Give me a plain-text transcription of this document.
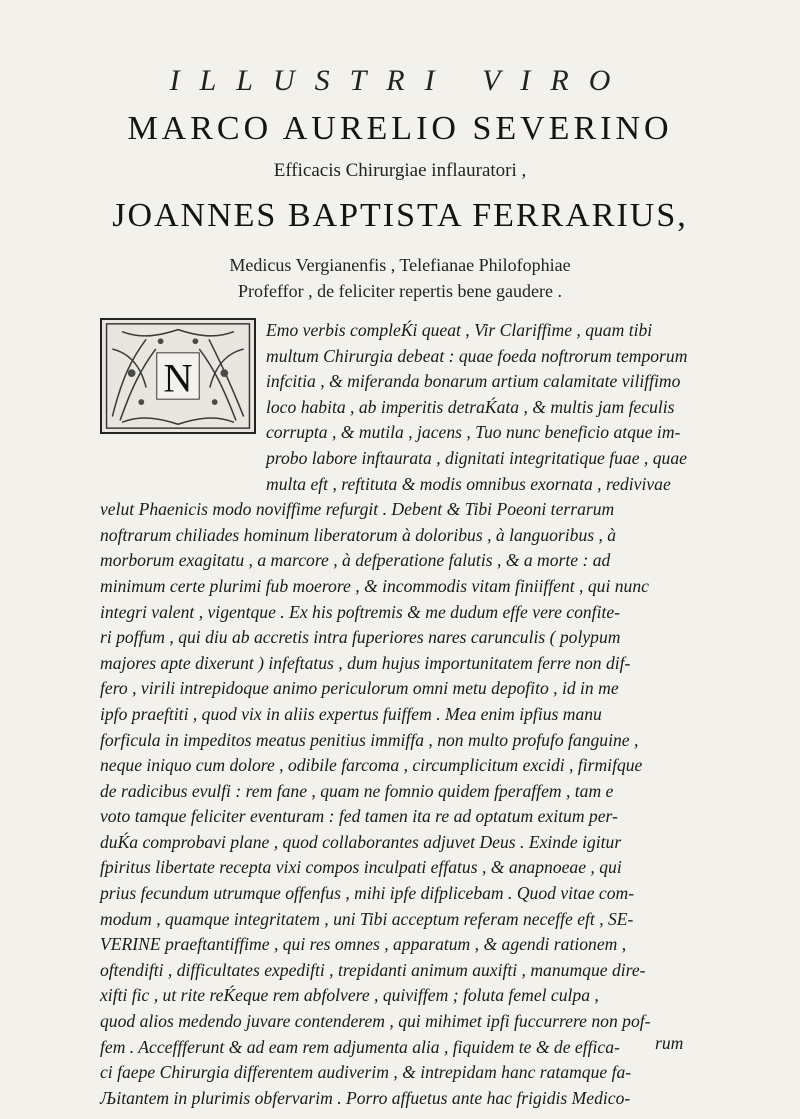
ILLUSTRI VIRO
MARCO AURELIO SEVERINO
Efficacis Chirurgiae inflauratori ,
JOANNES BAPTISTA FERRARIUS,
Medicus Vergianenfis , Telefianae Philofophiae
Profeffor , de feliciter repertis bene gaudere .
N
Emo verbis compleЌi queat , Vir Clariffime , quam tibi
multum Chirurgia debeat : quae foeda noftrorum temporum
infcitia , & miferanda bonarum artium calamitate viliffimo
loco habita , ab imperitis detraЌata , & multis jam feculis
corrupta , & mutila , jacens , Tuo nunc beneficio atque im-
probo labore inftaurata , dignitati integritatique fuae , quae
multa eft , reftituta & modis omnibus exornata , redivivae
velut Phaenicis modo noviffime refurgit . Debent & Tibi Poeoni terrarum
noftrarum chiliades hominum liberatorum à doloribus , à languoribus , à
morborum exagitatu , a marcore , à defperatione falutis , & a morte : ad
minimum certe plurimi fub moerore , & incommodis vitam finiiffent , qui nunc
integri valent , vigentque . Ex his poftremis & me dudum effe vere confite-
ri poffum , qui diu ab accretis intra fuperiores nares carunculis ( polypum
majores apte dixerunt ) infeftatus , dum hujus importunitatem ferre non dif-
fero , virili intrepidoque animo periculorum omni metu depofito , id in me
ipfo praeftiti , quod vix in aliis expertus fuiffem . Mea enim ipfius manu
forficula in impeditos meatus penitius immiffa , non multo profufo fanguine ,
neque iniquo cum dolore , odibile farcoma , circumplicitum excidi , firmifque
de radicibus evulfi : rem fane , quam ne fomnio quidem fperaffem , tam e
voto tamque feliciter eventuram : fed tamen ita re ad optatum exitum per-
duЌa comprobavi plane , quod collaborantes adjuvet Deus . Exinde igitur
fpiritus libertate recepta vixi compos inculpati effatus , & anapnoeae , qui
prius fecundum utrumque offenfus , mihi ipfe difplicebam . Quod vitae com-
modum , quamque integritatem , uni Tibi acceptum referam neceffe eft , SE-
VERINE praeftantiffime , qui res omnes , apparatum , & agendi rationem ,
oftendifti , difficultates expedifti , trepidanti animum auxifti , manumque dire-
xifti fic , ut rite reЌeque rem abfolvere , quiviffem ; foluta femel culpa ,
quod alios medendo juvare contenderem , qui mihimet ipfi fuccurrere non pof-
fem . Acceffferunt & ad eam rem adjumenta alia , fiquidem te & de effica-
ci faepe Chirurgia differentem audiverim , & intrepidam hanc ratamque fa-
Љitantem in plurimis obfervarim . Porro affuetus ante hac frigidis Medico-
rum
